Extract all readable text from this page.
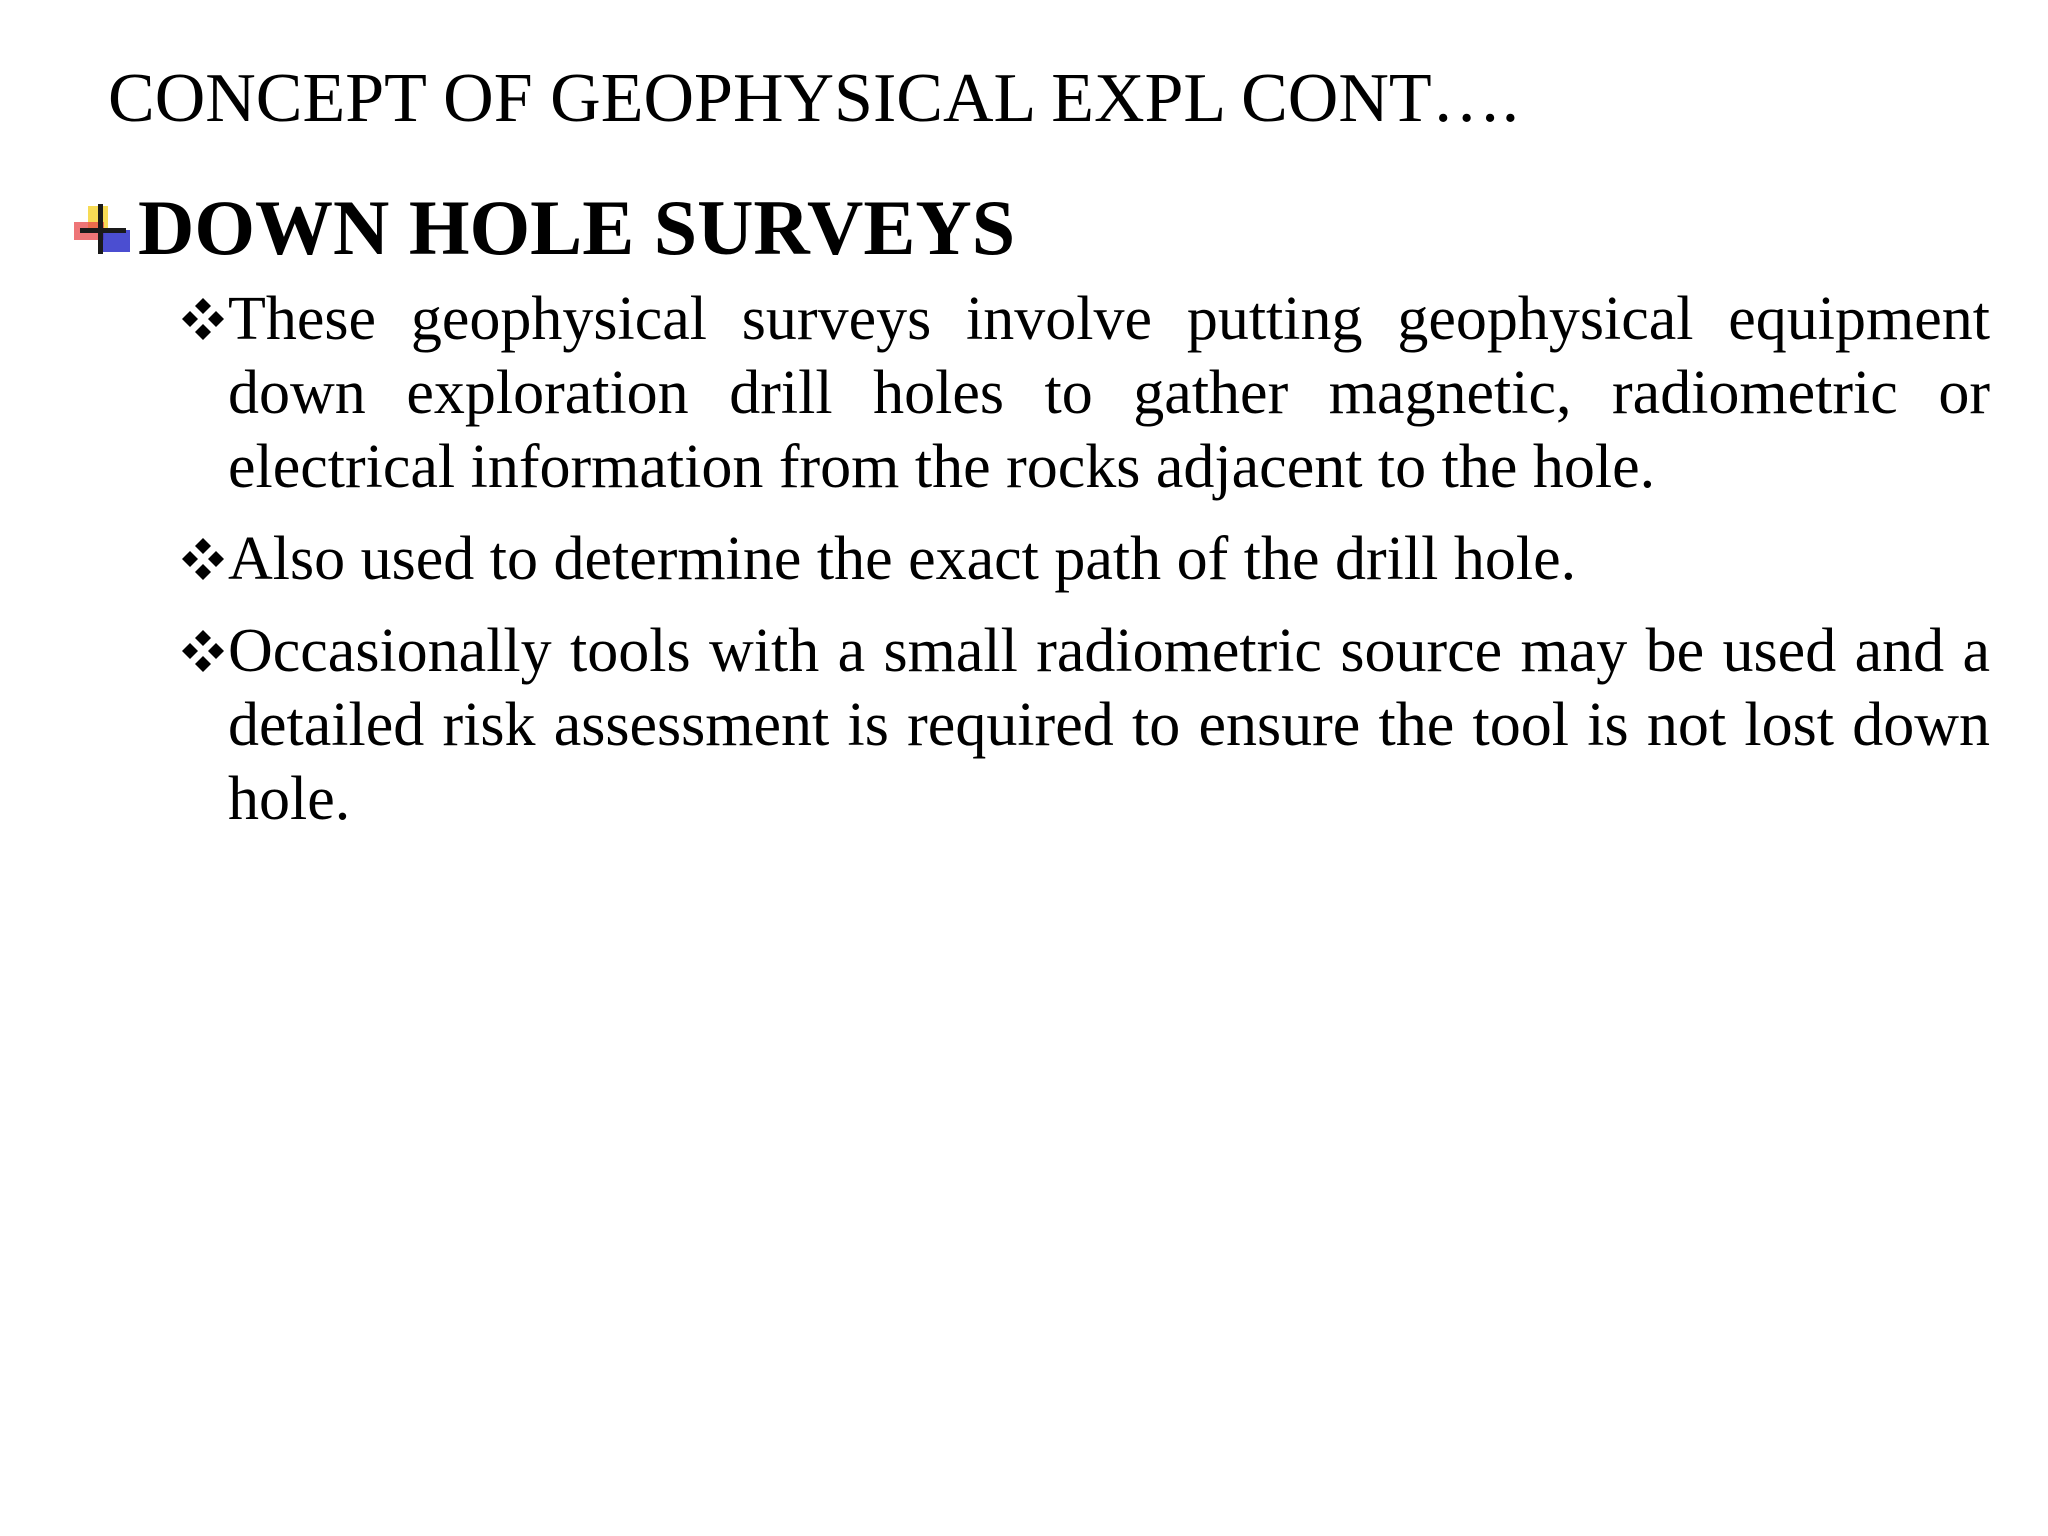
CONCEPT OF GEOPHYSICAL EXPL CONT….
DOWN HOLE SURVEYS
These geophysical surveys involve putting geophysical equipment down exploration drill holes to gather magnetic, radiometric or electrical information from the rocks adjacent to the hole.
Also used to determine the exact path of the drill hole.
Occasionally tools with a small radiometric source may be used and a detailed risk assessment is required to ensure the tool is not lost down hole.
